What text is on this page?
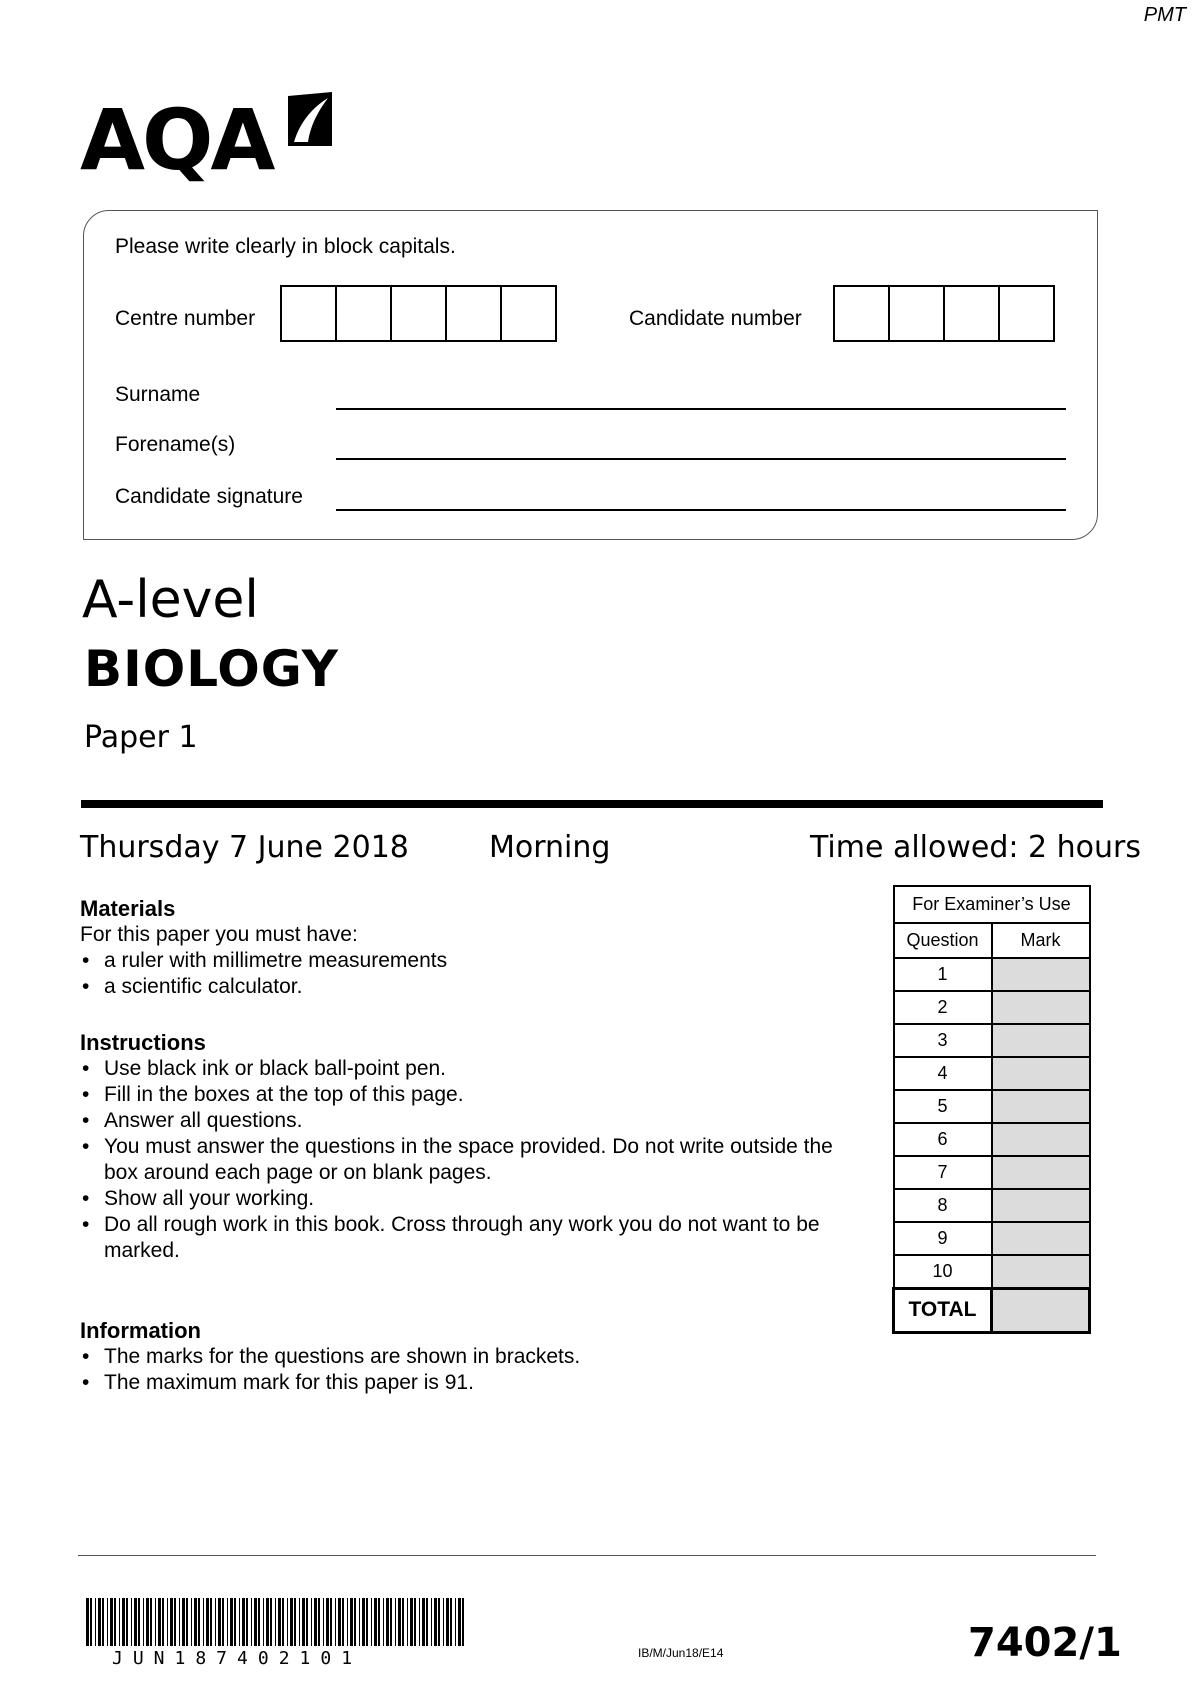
PMT
AQA
Please write clearly in block capitals.
Centre number	Candidate number
Surname
Forename(s)
Candidate signature
A-level
BIOLOGY
Paper 1
Thursday 7 June 2018	Morning	Time allowed: 2 hours
Materials
For this paper you must have:
• a ruler with millimetre measurements
• a scientific calculator.
Instructions
• Use black ink or black ball-point pen.
• Fill in the boxes at the top of this page.
• Answer all questions.
• You must answer the questions in the space provided. Do not write outside the box around each page or on blank pages.
• Show all your working.
• Do all rough work in this book. Cross through any work you do not want to be marked.
Information
• The marks for the questions are shown in brackets.
• The maximum mark for this paper is 91.
For Examiner’s Use	
Question	Mark
1	
2	
3	
4	
5	
6	
7	
8	
9	
10	
TOTAL	
JUN187402101	IB/M/Jun18/E14	7402/1
